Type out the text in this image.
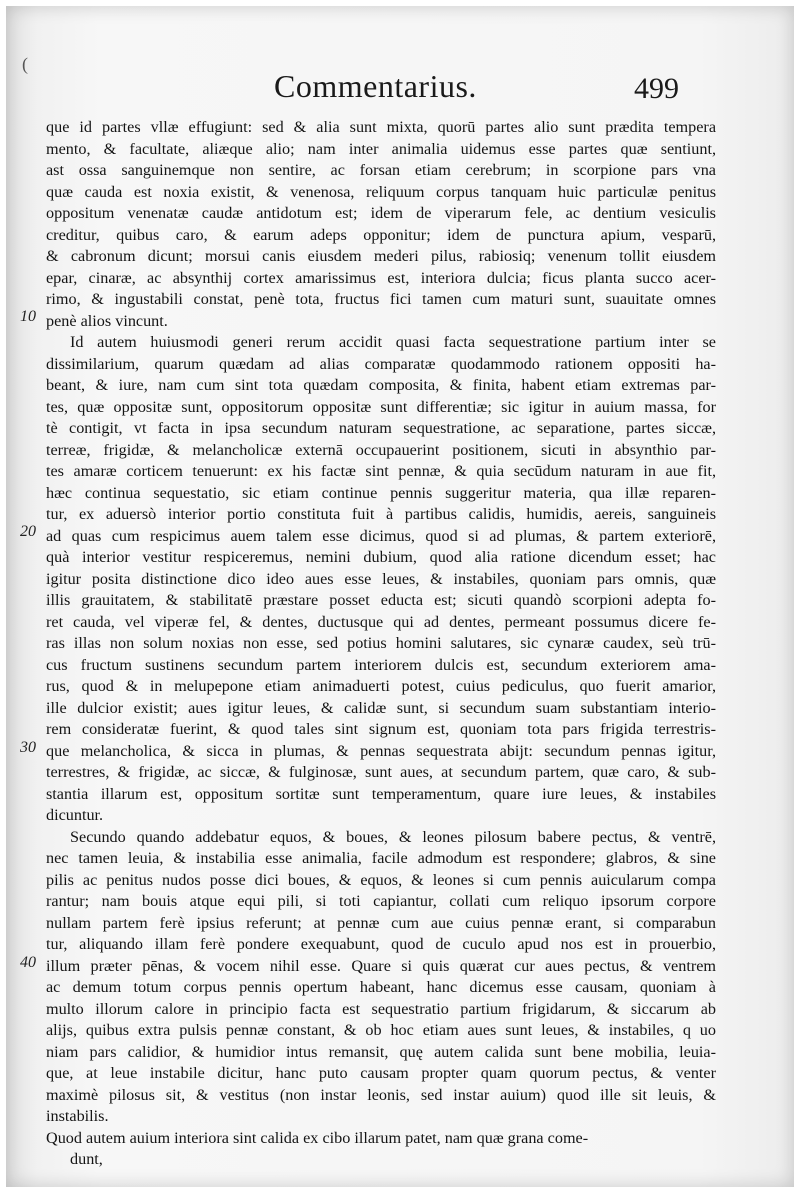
(
Commentarius.	499
10
20
30
40
que id partes vllæ effugiunt: sed & alia sunt mixta, quorū partes alio sunt prædita tempera
mento, & facultate, aliæque alio; nam inter animalia uidemus esse partes quæ sentiunt,
ast ossa sanguinemque non sentire, ac forsan etiam cerebrum; in scorpione pars vna
quæ cauda est noxia existit, & venenosa, reliquum corpus tanquam huic particulæ penitus
oppositum venenatæ caudæ antidotum est; idem de viperarum fele, ac dentium vesiculis
creditur, quibus caro, & earum adeps opponitur; idem de puncturа apium, vesparū,
& cabronum dicunt; morsui canis eiusdem mederi pilus, rabiosiq; venenum tollit eiusdem
epar, cinaræ, ac absynthij cortex amarissimus est, interiora dulcia; ficus planta succo acer-
rimo, & ingustabili constat, penè tota, fructus fici tamen cum maturi sunt, suauitate omnes
penè alios vincunt.
Id autem huiusmodi generi rerum accidit quasi facta sequestratione partium inter se
dissimilarium, quarum quædam ad alias comparatæ quodammodo rationem oppositi ha-
beant, & iure, nam cum sint tota quædam composita, & finita, habent etiam extremas par-
tes, quæ oppositæ sunt, oppositorum oppositæ sunt differentiæ; sic igitur in auium massa, for
tè contigit, vt facta in ipsa secundum naturam sequestratione, ac separatione, partes siccæ,
terreæ, frigidæ, & melancholicæ externā occupauerint positionem, sicuti in absynthio par-
tes amaræ corticem tenuerunt: ex his factæ sint pennæ, & quia secūdum naturam in aue fit,
hæc continua sequestatio, sic etiam continue pennis suggeritur materia, qua illæ reparen-
tur, ex aduersò interior portio constituta fuit à partibus calidis, humidis, aereis, sanguineis
ad quas cum respicimus auem talem esse dicimus, quod si ad plumas, & partem exteriorē,
quà interior vestitur respiceremus, nemini dubium, quod alia ratione dicendum esset; hac
igitur posita distinctione dico ideo aues esse leues, & instabiles, quoniam pars omnis, quæ
illis grauitatem, & stabilitatē præstare posset educta est; sicuti quandò scorpioni adepta fo-
ret cauda, vel viperæ fel, & dentes, ductusque qui ad dentes, permeant possumus dicere fe-
ras illas non solum noxias non esse, sed potius homini salutares, sic cynaræ caudex, seù trū-
cus fructum sustinens secundum partem interiorem dulcis est, secundum exteriorem ama-
rus, quod & in melupepone etiam animaduerti potest, cuius pediculus, quo fuerit amarior,
ille dulcior existit; aues igitur leues, & calidæ sunt, si secundum suam substantiam interio-
rem consideratæ fuerint, & quod tales sint signum est, quoniam tota pars frigida terrestris-
que melancholica, & sicca in plumas, & pennas sequestrata abijt: secundum pennas igitur,
terrestres, & frigidæ, ac siccæ, & fulginosæ, sunt aues, at secundum partem, quæ caro, & sub-
stantia illarum est, oppositum sortitæ sunt temperamentum, quare iure leues, & instabiles
dicuntur.
Secundo quando addebatur equos, & boues, & leones pilosum babere pectus, & ventrē,
nec tamen leuia, & instabilia esse animalia, facile admodum est respondere; glabros, & sine
pilis ac penitus nudos posse dici boues, & equos, & leones si cum pennis auicularum compa
rantur; nam bouis atque equi pili, si toti capiantur, collati cum reliquo ipsorum corpore
nullam partem ferè ipsius referunt; at pennæ cum aue cuius pennæ erant, si comparabun
tur, aliquando illam ferè pondere exequabunt, quod de cuculo apud nos est in prouerbio,
illum præter pēnas, & vocem nihil esse. Quare si quis quærat cur aues pectus, & ventrem
ac demum totum corpus pennis opertum habeant, hanc dicemus esse causam, quoniam à
multo illorum calore in principio facta est sequestratio partium frigidarum, & siccarum ab
alijs, quibus extra pulsis pennæ constant, & ob hoc etiam aues sunt leues, & instabiles, q uo
niam pars calidior, & humidior intus remansit, quę autem calida sunt bene mobilia, leuia-
que, at leue instabile dicitur, hanc puto causam propter quam quorum pectus, & venter
maximè pilosus sit, & vestitus (non instar leonis, sed instar auium) quod ille sit leuis, &
instabilis.
Quod autem auium interiora sint calida ex cibo illarum patet, nam quæ grana come-
dunt,
